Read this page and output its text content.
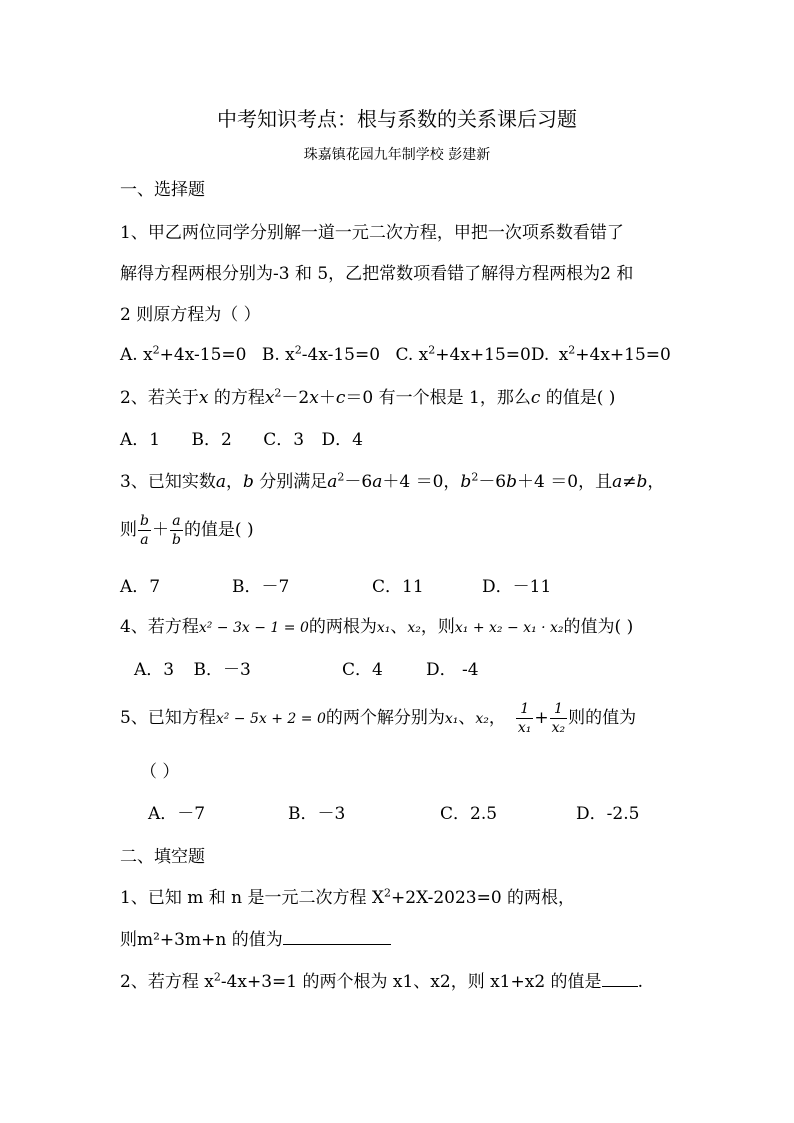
中考知识考点：根与系数的关系课后习题
珠嘉镇花园九年制学校 彭建新
一、选择题
1、甲乙两位同学分别解一道一元二次方程，甲把一次项系数看错了
解得方程两根分别为-3 和 5，乙把常数项看错了解得方程两根为2 和
2 则原方程为（ ）
A. $x^2+4x-15=0$ B. $x^2-4x-15=0$ C. $x^2+4x+15=0D$. $x^2+4x+15=0$
2、若关于x 的方程$x^2-2x+c=0$ 有一个根是 1，那么c 的值是( )
A．1 B．2 C．3 D．4
3、已知实数a，b 分别满足$a^2-6a+4 =0$，$b^2-6b+4 =0$，且a≠b，
则 $\frac{b}{a} + \frac{a}{b}$ 的值是( )
A．7	B．－7	C．11	D．－11
4、若方程x² − 3x − 1 = 0的两根为x₁、x₂，则x₁ + x₂ − x₁ · x₂的值为( )
A．3 B．－3	C．4	D． -4
5、已知方程x² − 5x + 2 = 0的两个解分别为x₁、x₂， $\frac{1}{\text{x₁}} + \frac{1}{\text{x₂}}$ 则的值为
（ ）
A．－7	B．－3	C．2.5	D．-2.5
二、填空题
1、已知 m 和 n 是一元二次方程 $X^2+2X-2023=0$ 的两根，
则m²+3m+n 的值为
2、若方程 $x^2-4x+3=1$ 的两个根为 x1、x2，则 x1+x2 的值是 .
